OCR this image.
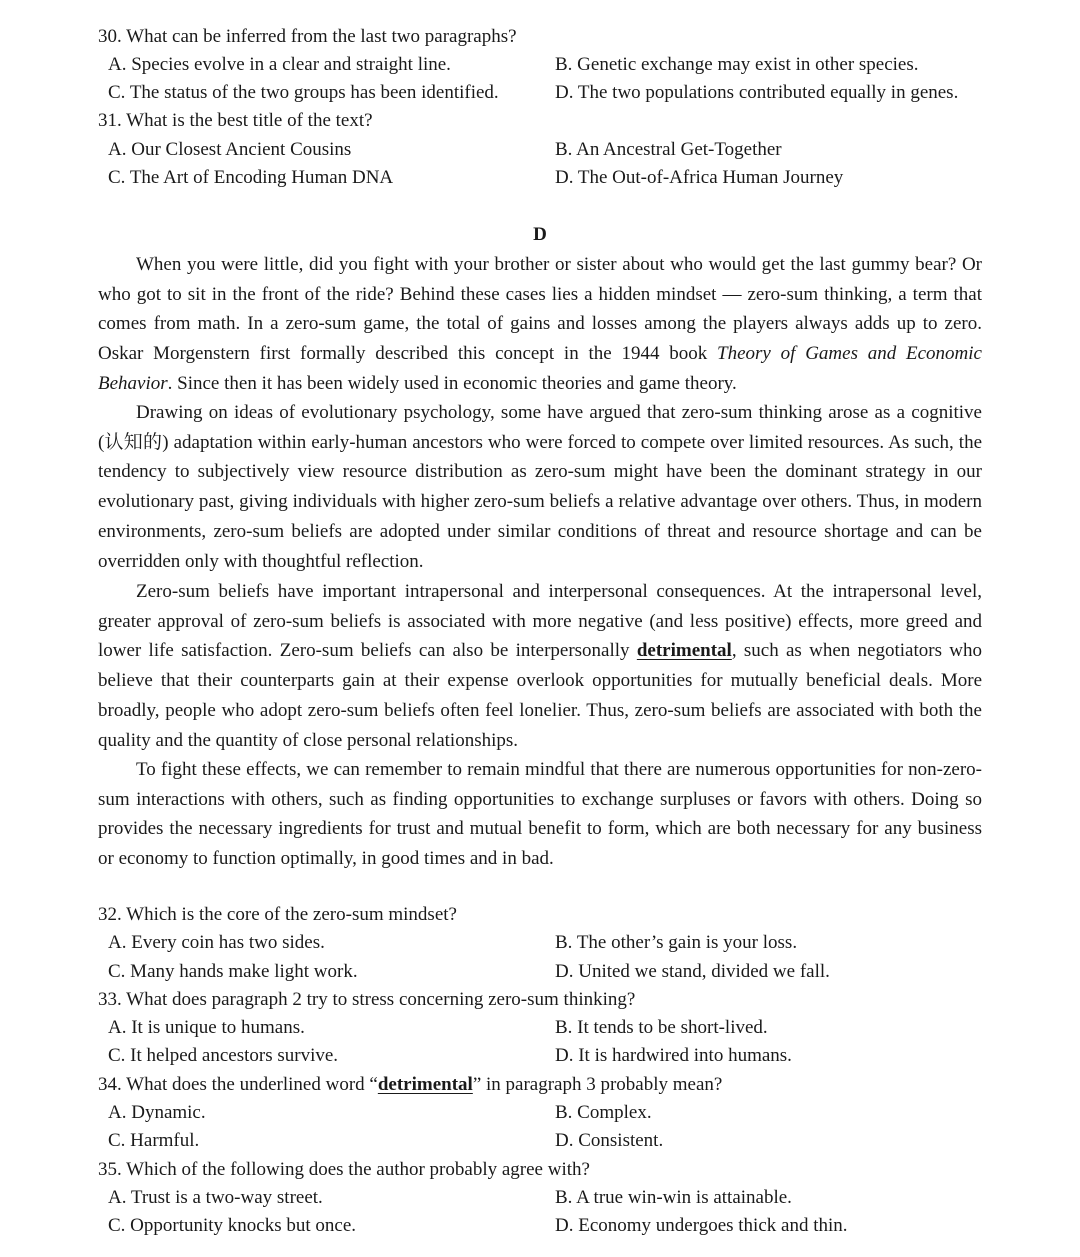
30. What can be inferred from the last two paragraphs?
A. Species evolve in a clear and straight line.	B. Genetic exchange may exist in other species.
C. The status of the two groups has been identified.	D. The two populations contributed equally in genes.
31. What is the best title of the text?
A. Our Closest Ancient Cousins	B. An Ancestral Get-Together
C. The Art of Encoding Human DNA	D. The Out-of-Africa Human Journey
D

When you were little, did you fight with your brother or sister about who would get the last gummy bear? Or who got to sit in the front of the ride? Behind these cases lies a hidden mindset — zero-sum thinking, a term that comes from math. In a zero-sum game, the total of gains and losses among the players always adds up to zero. Oskar Morgenstern first formally described this concept in the 1944 book Theory of Games and Economic Behavior. Since then it has been widely used in economic theories and game theory.

Drawing on ideas of evolutionary psychology, some have argued that zero-sum thinking arose as a cognitive (认知的) adaptation within early-human ancestors who were forced to compete over limited resources. As such, the tendency to subjectively view resource distribution as zero-sum might have been the dominant strategy in our evolutionary past, giving individuals with higher zero-sum beliefs a relative advantage over others. Thus, in modern environments, zero-sum beliefs are adopted under similar conditions of threat and resource shortage and can be overridden only with thoughtful reflection.

Zero-sum beliefs have important intrapersonal and interpersonal consequences. At the intrapersonal level, greater approval of zero-sum beliefs is associated with more negative (and less positive) effects, more greed and lower life satisfaction. Zero-sum beliefs can also be interpersonally detrimental, such as when negotiators who believe that their counterparts gain at their expense overlook opportunities for mutually beneficial deals. More broadly, people who adopt zero-sum beliefs often feel lonelier. Thus, zero-sum beliefs are associated with both the quality and the quantity of close personal relationships.

To fight these effects, we can remember to remain mindful that there are numerous opportunities for non-zero-sum interactions with others, such as finding opportunities to exchange surpluses or favors with others. Doing so provides the necessary ingredients for trust and mutual benefit to form, which are both necessary for any business or economy to function optimally, in good times and in bad.

32. Which is the core of the zero-sum mindset?
A. Every coin has two sides.	B. The other’s gain is your loss.
C. Many hands make light work.	D. United we stand, divided we fall.
33. What does paragraph 2 try to stress concerning zero-sum thinking?
A. It is unique to humans.	B. It tends to be short-lived.
C. It helped ancestors survive.	D. It is hardwired into humans.
34. What does the underlined word “detrimental” in paragraph 3 probably mean?
A. Dynamic.	B. Complex.
C. Harmful.	D. Consistent.
35. Which of the following does the author probably agree with?
A. Trust is a two-way street.	B. A true win-win is attainable.
C. Opportunity knocks but once.	D. Economy undergoes thick and thin.
